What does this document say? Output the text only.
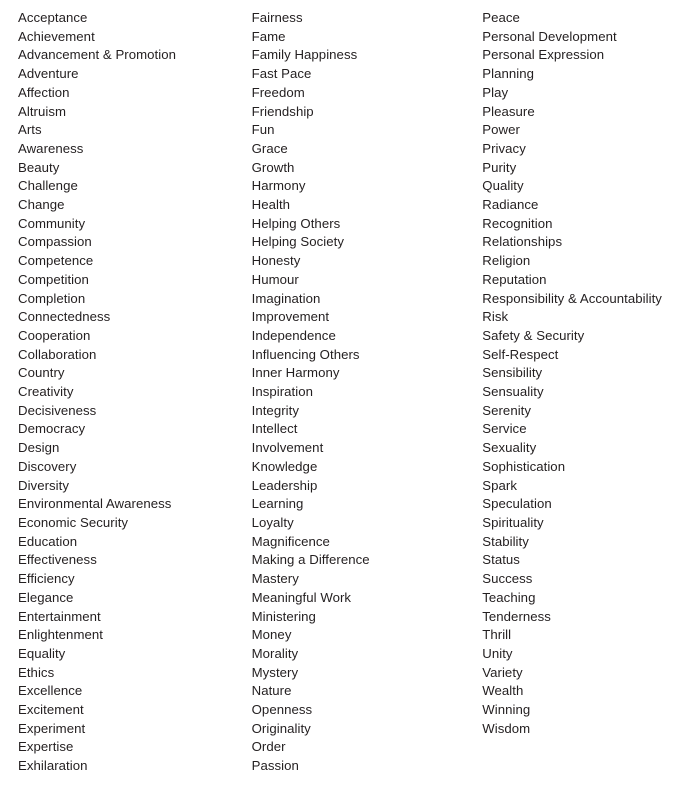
Acceptance
Achievement
Advancement & Promotion
Adventure
Affection
Altruism
Arts
Awareness
Beauty
Challenge
Change
Community
Compassion
Competence
Competition
Completion
Connectedness
Cooperation
Collaboration
Country
Creativity
Decisiveness
Democracy
Design
Discovery
Diversity
Environmental Awareness
Economic Security
Education
Effectiveness
Efficiency
Elegance
Entertainment
Enlightenment
Equality
Ethics
Excellence
Excitement
Experiment
Expertise
Exhilaration
Fairness
Fame
Family Happiness
Fast Pace
Freedom
Friendship
Fun
Grace
Growth
Harmony
Health
Helping Others
Helping Society
Honesty
Humour
Imagination
Improvement
Independence
Influencing Others
Inner Harmony
Inspiration
Integrity
Intellect
Involvement
Knowledge
Leadership
Learning
Loyalty
Magnificence
Making a Difference
Mastery
Meaningful Work
Ministering
Money
Morality
Mystery
Nature
Openness
Originality
Order
Passion
Peace
Personal Development
Personal Expression
Planning
Play
Pleasure
Power
Privacy
Purity
Quality
Radiance
Recognition
Relationships
Religion
Reputation
Responsibility & Accountability
Risk
Safety & Security
Self-Respect
Sensibility
Sensuality
Serenity
Service
Sexuality
Sophistication
Spark
Speculation
Spirituality
Stability
Status
Success
Teaching
Tenderness
Thrill
Unity
Variety
Wealth
Winning
Wisdom
